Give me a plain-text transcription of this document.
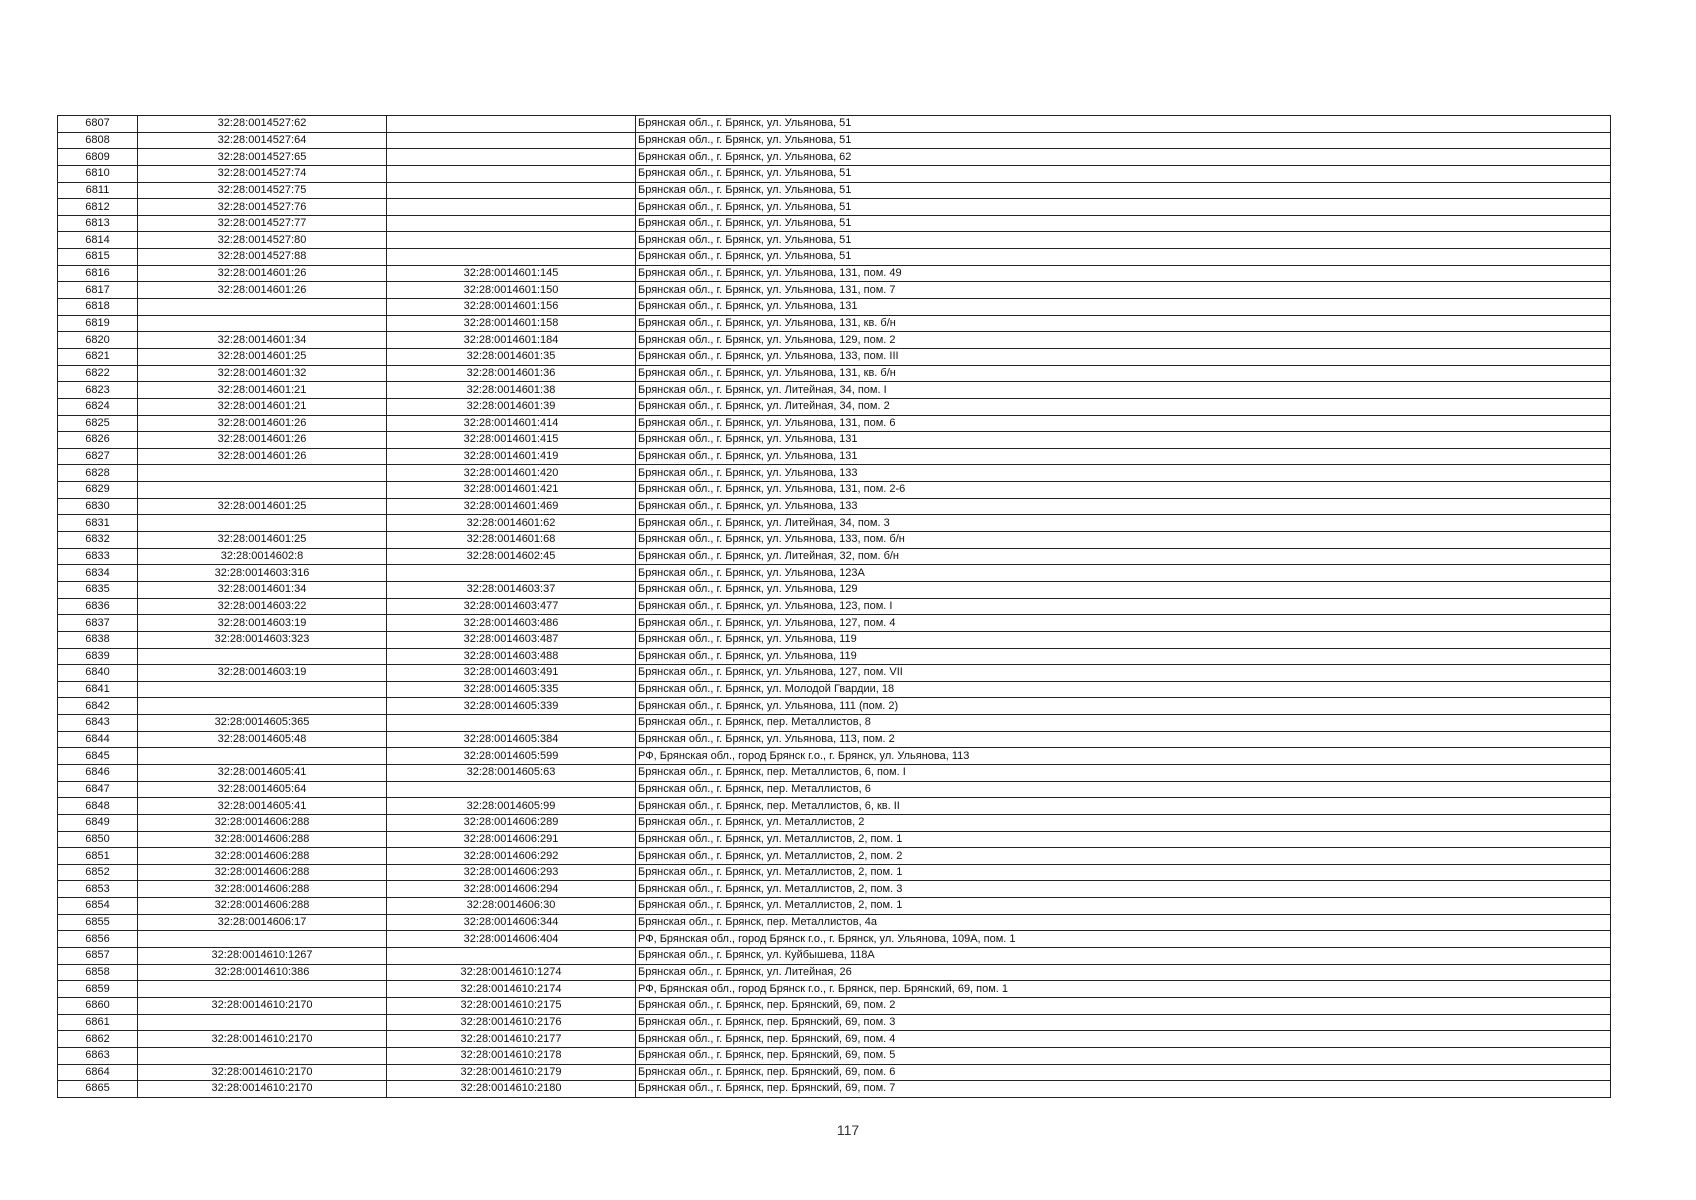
6807	32:28:0014527:62		Брянская обл., г. Брянск, ул. Ульянова, 51
6808	32:28:0014527:64		Брянская обл., г. Брянск, ул. Ульянова, 51
6809	32:28:0014527:65		Брянская обл., г. Брянск, ул. Ульянова, 62
6810	32:28:0014527:74		Брянская обл., г. Брянск, ул. Ульянова, 51
6811	32:28:0014527:75		Брянская обл., г. Брянск, ул. Ульянова, 51
6812	32:28:0014527:76		Брянская обл., г. Брянск, ул. Ульянова, 51
6813	32:28:0014527:77		Брянская обл., г. Брянск, ул. Ульянова, 51
6814	32:28:0014527:80		Брянская обл., г. Брянск, ул. Ульянова, 51
6815	32:28:0014527:88		Брянская обл., г. Брянск, ул. Ульянова, 51
6816	32:28:0014601:26	32:28:0014601:145	Брянская обл., г. Брянск, ул. Ульянова, 131, пом. 49
6817	32:28:0014601:26	32:28:0014601:150	Брянская обл., г. Брянск, ул. Ульянова, 131, пом. 7
6818		32:28:0014601:156	Брянская обл., г. Брянск, ул. Ульянова, 131
6819		32:28:0014601:158	Брянская обл., г. Брянск, ул. Ульянова, 131, кв. б/н
6820	32:28:0014601:34	32:28:0014601:184	Брянская обл., г. Брянск, ул. Ульянова, 129, пом. 2
6821	32:28:0014601:25	32:28:0014601:35	Брянская обл., г. Брянск, ул. Ульянова, 133, пом. III
6822	32:28:0014601:32	32:28:0014601:36	Брянская обл., г. Брянск, ул. Ульянова, 131, кв. б/н
6823	32:28:0014601:21	32:28:0014601:38	Брянская обл., г. Брянск, ул. Литейная, 34, пом. I
6824	32:28:0014601:21	32:28:0014601:39	Брянская обл., г. Брянск, ул. Литейная, 34, пом. 2
6825	32:28:0014601:26	32:28:0014601:414	Брянская обл., г. Брянск, ул. Ульянова, 131, пом. 6
6826	32:28:0014601:26	32:28:0014601:415	Брянская обл., г. Брянск, ул. Ульянова, 131
6827	32:28:0014601:26	32:28:0014601:419	Брянская обл., г. Брянск, ул. Ульянова, 131
6828		32:28:0014601:420	Брянская обл., г. Брянск, ул. Ульянова, 133
6829		32:28:0014601:421	Брянская обл., г. Брянск, ул. Ульянова, 131, пом. 2-6
6830	32:28:0014601:25	32:28:0014601:469	Брянская обл., г. Брянск, ул. Ульянова, 133
6831		32:28:0014601:62	Брянская обл., г. Брянск, ул. Литейная, 34, пом. 3
6832	32:28:0014601:25	32:28:0014601:68	Брянская обл., г. Брянск, ул. Ульянова, 133, пом. б/н
6833	32:28:0014602:8	32:28:0014602:45	Брянская обл., г. Брянск, ул. Литейная, 32, пом. б/н
6834	32:28:0014603:316		Брянская обл., г. Брянск, ул. Ульянова, 123А
6835	32:28:0014601:34	32:28:0014603:37	Брянская обл., г. Брянск, ул. Ульянова, 129
6836	32:28:0014603:22	32:28:0014603:477	Брянская обл., г. Брянск, ул. Ульянова, 123, пом. I
6837	32:28:0014603:19	32:28:0014603:486	Брянская обл., г. Брянск, ул. Ульянова, 127, пом. 4
6838	32:28:0014603:323	32:28:0014603:487	Брянская обл., г. Брянск, ул. Ульянова, 119
6839		32:28:0014603:488	Брянская обл., г. Брянск, ул. Ульянова, 119
6840	32:28:0014603:19	32:28:0014603:491	Брянская обл., г. Брянск, ул. Ульянова, 127, пом. VII
6841		32:28:0014605:335	Брянская обл., г. Брянск, ул. Молодой Гвардии, 18
6842		32:28:0014605:339	Брянская обл., г. Брянск, ул. Ульянова, 111 (пом. 2)
6843	32:28:0014605:365		Брянская обл., г. Брянск, пер. Металлистов, 8
6844	32:28:0014605:48	32:28:0014605:384	Брянская обл., г. Брянск, ул. Ульянова, 113, пом. 2
6845		32:28:0014605:599	РФ, Брянская обл., город Брянск г.о., г. Брянск, ул. Ульянова, 113
6846	32:28:0014605:41	32:28:0014605:63	Брянская обл., г. Брянск, пер. Металлистов, 6, пом. I
6847	32:28:0014605:64		Брянская обл., г. Брянск, пер. Металлистов, 6
6848	32:28:0014605:41	32:28:0014605:99	Брянская обл., г. Брянск, пер. Металлистов, 6, кв. II
6849	32:28:0014606:288	32:28:0014606:289	Брянская обл., г. Брянск, ул. Металлистов, 2
6850	32:28:0014606:288	32:28:0014606:291	Брянская обл., г. Брянск, ул. Металлистов, 2, пом. 1
6851	32:28:0014606:288	32:28:0014606:292	Брянская обл., г. Брянск, ул. Металлистов, 2, пом. 2
6852	32:28:0014606:288	32:28:0014606:293	Брянская обл., г. Брянск, ул. Металлистов, 2, пом. 1
6853	32:28:0014606:288	32:28:0014606:294	Брянская обл., г. Брянск, ул. Металлистов, 2, пом. 3
6854	32:28:0014606:288	32:28:0014606:30	Брянская обл., г. Брянск, ул. Металлистов, 2, пом. 1
6855	32:28:0014606:17	32:28:0014606:344	Брянская обл., г. Брянск, пер. Металлистов, 4а
6856		32:28:0014606:404	РФ, Брянская обл., город Брянск г.о., г. Брянск, ул. Ульянова, 109А, пом. 1
6857	32:28:0014610:1267		Брянская обл., г. Брянск, ул. Куйбышева, 118А
6858	32:28:0014610:386	32:28:0014610:1274	Брянская обл., г. Брянск, ул. Литейная, 26
6859		32:28:0014610:2174	РФ, Брянская обл., город Брянск г.о., г. Брянск, пер. Брянский, 69, пом. 1
6860	32:28:0014610:2170	32:28:0014610:2175	Брянская обл., г. Брянск, пер. Брянский, 69, пом. 2
6861		32:28:0014610:2176	Брянская обл., г. Брянск, пер. Брянский, 69, пом. 3
6862	32:28:0014610:2170	32:28:0014610:2177	Брянская обл., г. Брянск, пер. Брянский, 69, пом. 4
6863		32:28:0014610:2178	Брянская обл., г. Брянск, пер. Брянский, 69, пом. 5
6864	32:28:0014610:2170	32:28:0014610:2179	Брянская обл., г. Брянск, пер. Брянский, 69, пом. 6
6865	32:28:0014610:2170	32:28:0014610:2180	Брянская обл., г. Брянск, пер. Брянский, 69, пом. 7
117
